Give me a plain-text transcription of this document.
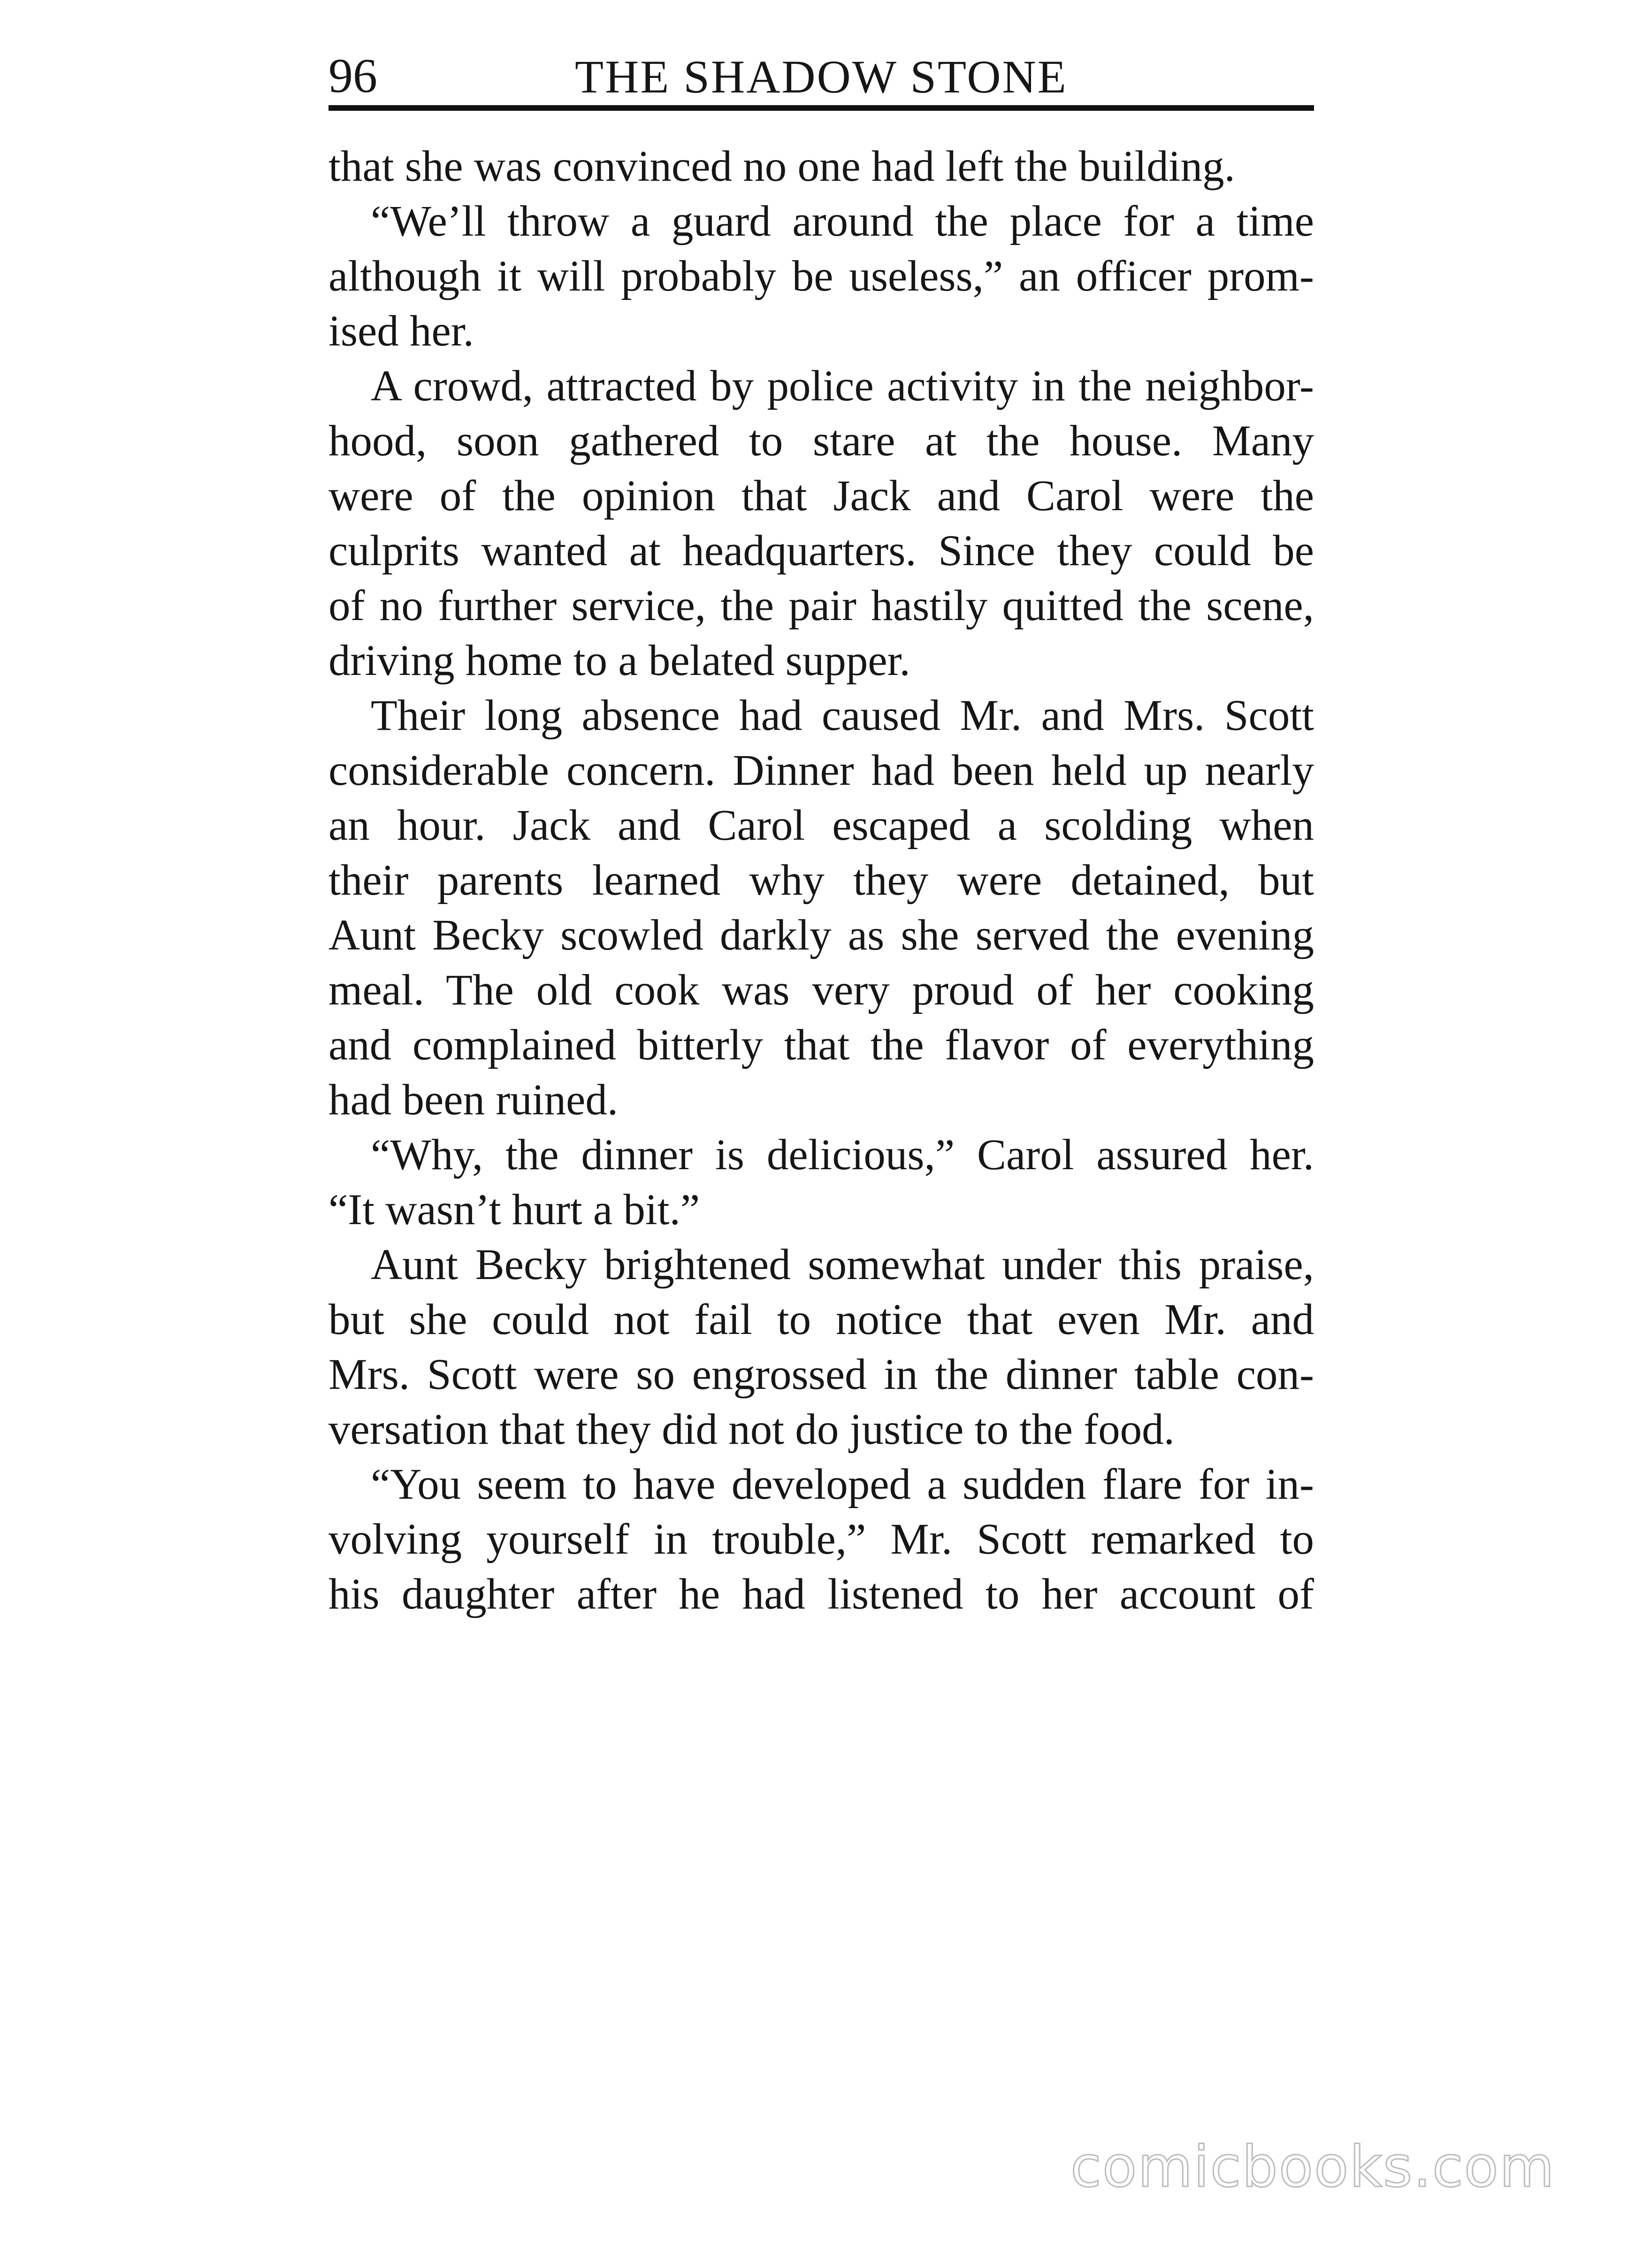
96	THE SHADOW STONE
that she was convinced no one had left the building.
“We’ll throw a guard around the place for a time
although it will probably be useless,” an officer prom-
ised her.
A crowd, attracted by police activity in the neighbor-
hood, soon gathered to stare at the house. Many
were of the opinion that Jack and Carol were the
culprits wanted at headquarters. Since they could be
of no further service, the pair hastily quitted the scene,
driving home to a belated supper.
Their long absence had caused Mr. and Mrs. Scott
considerable concern. Dinner had been held up nearly
an hour. Jack and Carol escaped a scolding when
their parents learned why they were detained, but
Aunt Becky scowled darkly as she served the evening
meal. The old cook was very proud of her cooking
and complained bitterly that the flavor of everything
had been ruined.
“Why, the dinner is delicious,” Carol assured her.
“It wasn’t hurt a bit.”
Aunt Becky brightened somewhat under this praise,
but she could not fail to notice that even Mr. and
Mrs. Scott were so engrossed in the dinner table con-
versation that they did not do justice to the food.
“You seem to have developed a sudden flare for in-
volving yourself in trouble,” Mr. Scott remarked to
his daughter after he had listened to her account of
comicbooks.com
